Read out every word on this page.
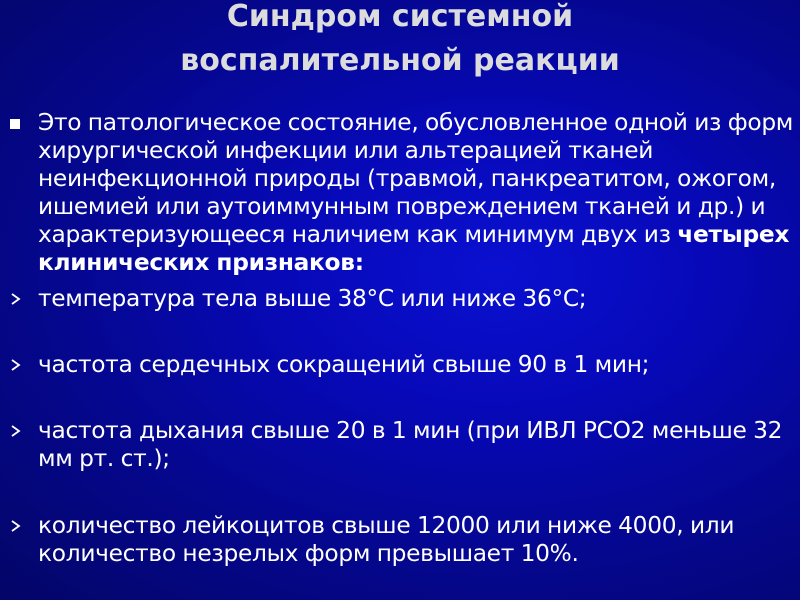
Синдром системной
воспалительной реакции
Это патологическое состояние, обусловленное одной из форм хирургической инфекции или альтерацией тканей неинфекционной природы (травмой, панкреатитом, ожогом, ишемией или аутоиммунным повреждением тканей и др.) и характеризующееся наличием как минимум двух из четырех клинических признаков:
температура тела выше 38°С или ниже 36°С;
частота сердечных сокращений свыше 90 в 1 мин;
частота дыхания свыше 20 в 1 мин (при ИВЛ РСО2 меньше 32 мм рт. ст.);
количество лейкоцитов свыше 12000 или ниже 4000, или количество незрелых форм превышает 10%.
